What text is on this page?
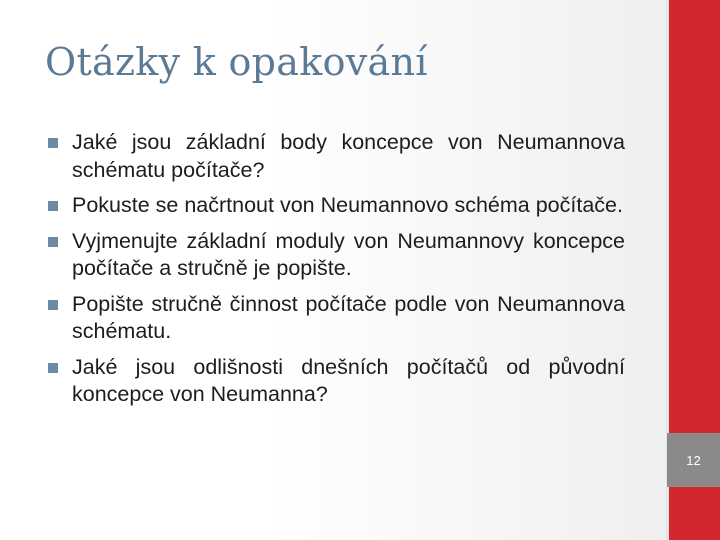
Otázky k opakování
Jaké jsou základní body koncepce von Neumannova schématu počítače?
Pokuste se načrtnout von Neumannovo schéma počítače.
Vyjmenujte základní moduly von Neumannovy koncepce počítače a stručně je popište.
Popište stručně činnost počítače podle von Neumannova schématu.
Jaké jsou odlišnosti dnešních počítačů od původní koncepce von Neumanna?
12
